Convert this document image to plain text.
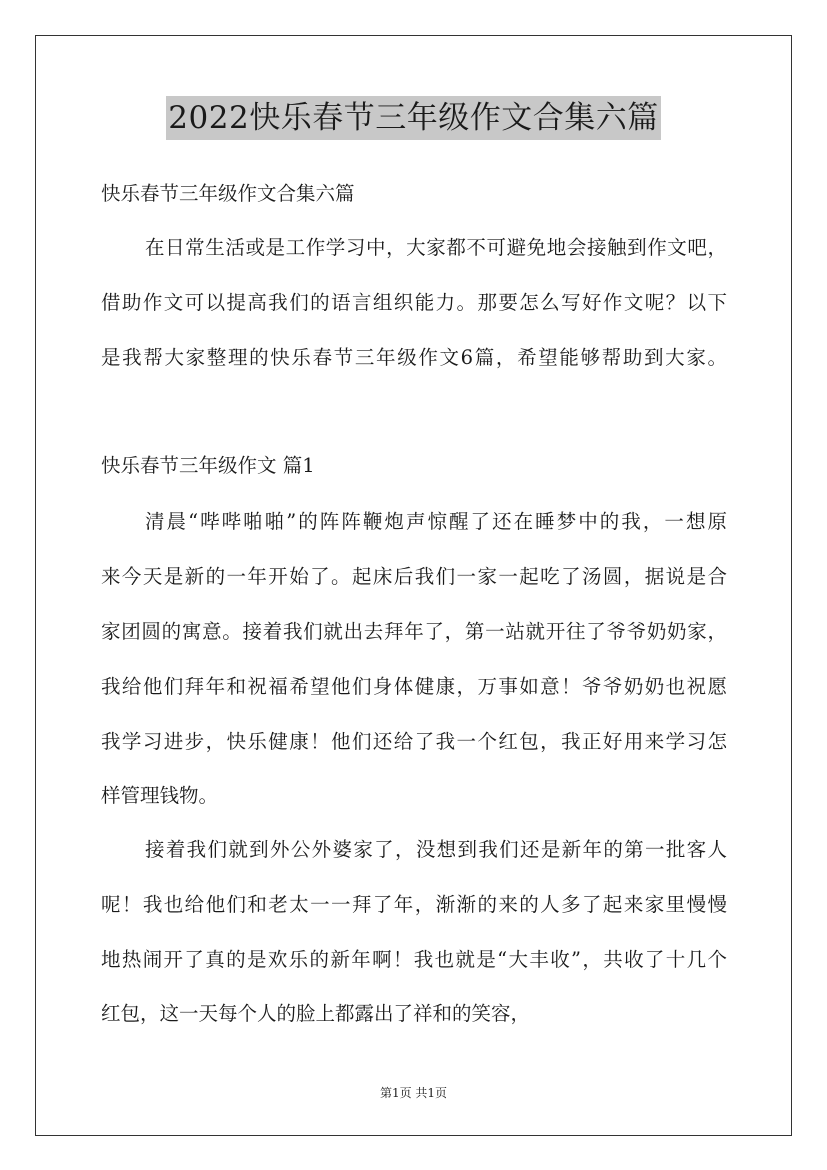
2022快乐春节三年级作文合集六篇
快乐春节三年级作文合集六篇
在日常生活或是工作学习中，大家都不可避免地会接触到作文吧，
借助作文可以提高我们的语言组织能力。那要怎么写好作文呢？以下
是我帮大家整理的快乐春节三年级作文6篇，希望能够帮助到大家。
快乐春节三年级作文 篇1
清晨“哔哔啪啪”的阵阵鞭炮声惊醒了还在睡梦中的我，一想原
来今天是新的一年开始了。起床后我们一家一起吃了汤圆，据说是合
家团圆的寓意。接着我们就出去拜年了，第一站就开往了爷爷奶奶家，
我给他们拜年和祝福希望他们身体健康，万事如意！爷爷奶奶也祝愿
我学习进步，快乐健康！他们还给了我一个红包，我正好用来学习怎
样管理钱物。
接着我们就到外公外婆家了，没想到我们还是新年的第一批客人
呢！我也给他们和老太一一拜了年，渐渐的来的人多了起来家里慢慢
地热闹开了真的是欢乐的新年啊！我也就是“大丰收”，共收了十几个
红包，这一天每个人的脸上都露出了祥和的笑容，
第1页 共1页
